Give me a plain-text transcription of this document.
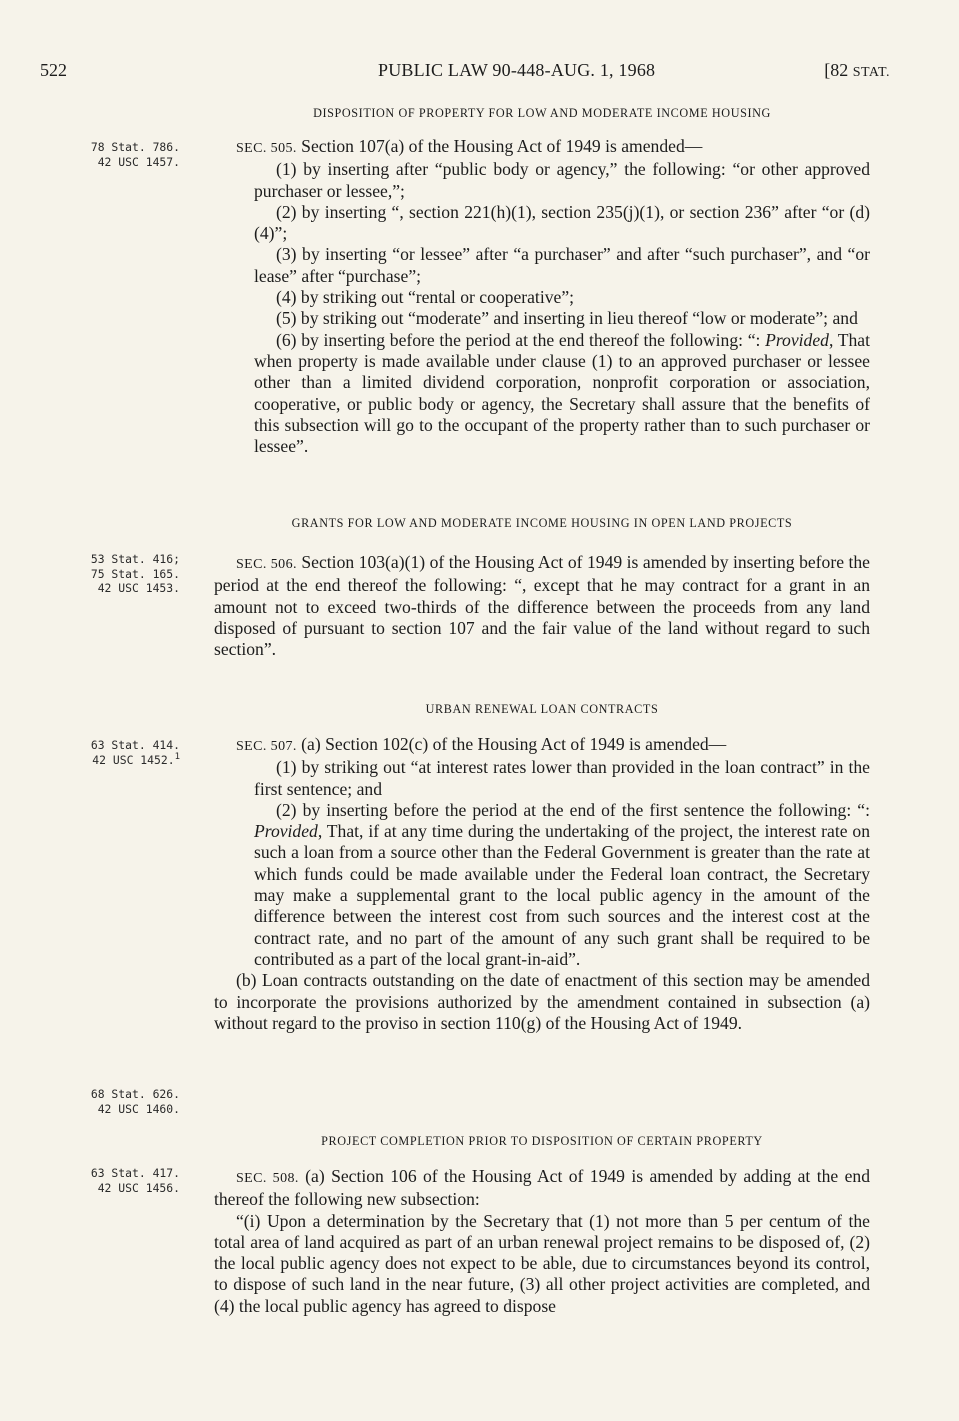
522	PUBLIC LAW 90-448-AUG. 1, 1968	[82 STAT.
DISPOSITION OF PROPERTY FOR LOW AND MODERATE INCOME HOUSING
78 Stat. 786.
42 USC 1457.

SEC. 505. Section 107(a) of the Housing Act of 1949 is amended—

(1) by inserting after “public body or agency,” the following: “or other approved purchaser or lessee,”;

(2) by inserting “, section 221(h)(1), section 235(j)(1), or section 236” after “or (d)(4)”;

(3) by inserting “or lessee” after “a purchaser” and after “such purchaser”, and “or lease” after “purchase”;

(4) by striking out “rental or cooperative”;

(5) by striking out “moderate” and inserting in lieu thereof “low or moderate”; and

(6) by inserting before the period at the end thereof the following: “: Provided, That when property is made available under clause (1) to an approved purchaser or lessee other than a limited dividend corporation, nonprofit corporation or association, cooperative, or public body or agency, the Secretary shall assure that the benefits of this subsection will go to the occupant of the property rather than to such purchaser or lessee”.

GRANTS FOR LOW AND MODERATE INCOME HOUSING IN OPEN LAND PROJECTS
53 Stat. 416;
75 Stat. 165.
42 USC 1453.

SEC. 506. Section 103(a)(1) of the Housing Act of 1949 is amended by inserting before the period at the end thereof the following: “, except that he may contract for a grant in an amount not to exceed two-thirds of the difference between the proceeds from any land disposed of pursuant to section 107 and the fair value of the land without regard to such section”.

URBAN RENEWAL LOAN CONTRACTS
63 Stat. 414.
42 USC 1452.$^1$
68 Stat. 626.
42 USC 1460.

SEC. 507. (a) Section 102(c) of the Housing Act of 1949 is amended—

(1) by striking out “at interest rates lower than provided in the loan contract” in the first sentence; and

(2) by inserting before the period at the end of the first sentence the following: “: Provided, That, if at any time during the undertaking of the project, the interest rate on such a loan from a source other than the Federal Government is greater than the rate at which funds could be made available under the Federal loan contract, the Secretary may make a supplemental grant to the local public agency in the amount of the difference between the interest cost from such sources and the interest cost at the contract rate, and no part of the amount of any such grant shall be required to be contributed as a part of the local grant-in-aid”.

(b) Loan contracts outstanding on the date of enactment of this section may be amended to incorporate the provisions authorized by the amendment contained in subsection (a) without regard to the proviso in section 110(g) of the Housing Act of 1949.

PROJECT COMPLETION PRIOR TO DISPOSITION OF CERTAIN PROPERTY
63 Stat. 417.
42 USC 1456.

SEC. 508. (a) Section 106 of the Housing Act of 1949 is amended by adding at the end thereof the following new subsection:

“(i) Upon a determination by the Secretary that (1) not more than 5 per centum of the total area of land acquired as part of an urban renewal project remains to be disposed of, (2) the local public agency does not expect to be able, due to circumstances beyond its control, to dispose of such land in the near future, (3) all other project activities are completed, and (4) the local public agency has agreed to dispose
